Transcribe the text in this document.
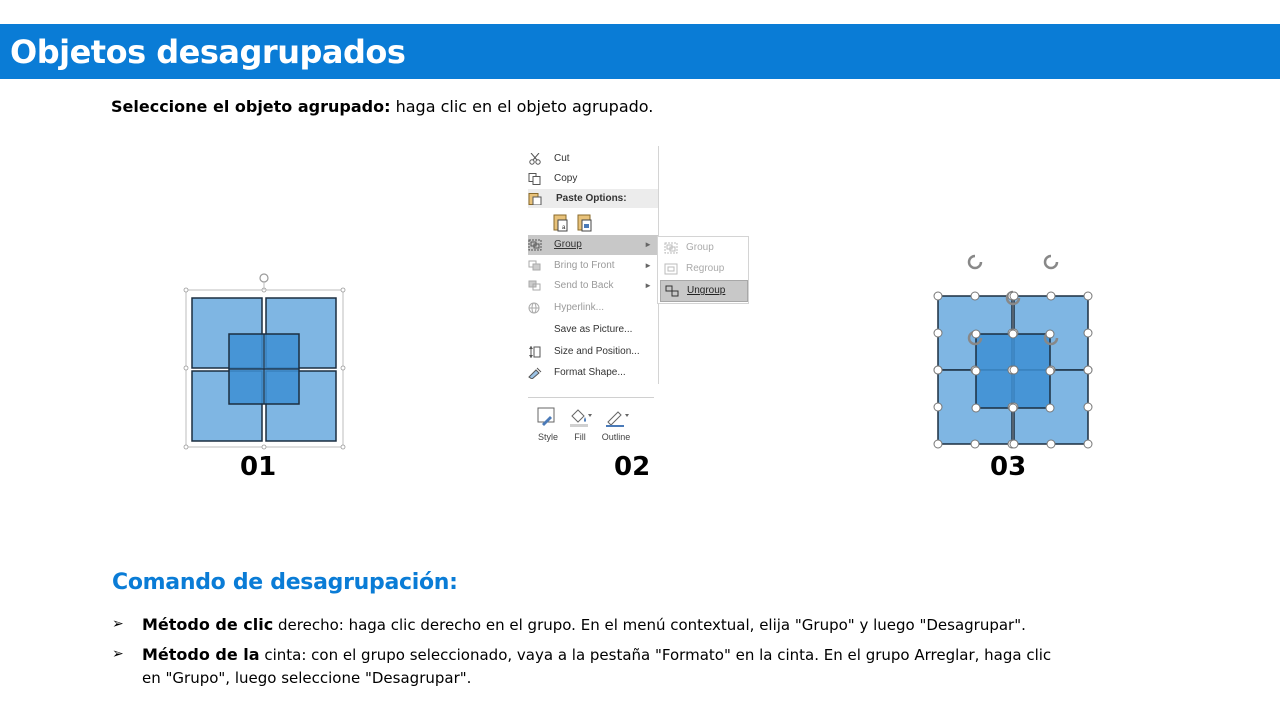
Objetos desagrupados
Seleccione el objeto agrupado: haga clic en el objeto agrupado.
01
Cut
Copy
Paste Options:
a
Group	►
Bring to Front	►
Send to Back	►
Hyperlink...
Save as Picture...
Size and Position...
Format Shape...
Group
Regroup
Ungroup
Style	Fill	Outline
02	03
Comando de desagrupación:
➢ Método de clic derecho: haga clic derecho en el grupo. En el menú contextual, elija "Grupo" y luego "Desagrupar".
➢ Método de la cinta: con el grupo seleccionado, vaya a la pestaña "Formato" en la cinta. En el grupo Arreglar, haga clic en "Grupo", luego seleccione "Desagrupar".
